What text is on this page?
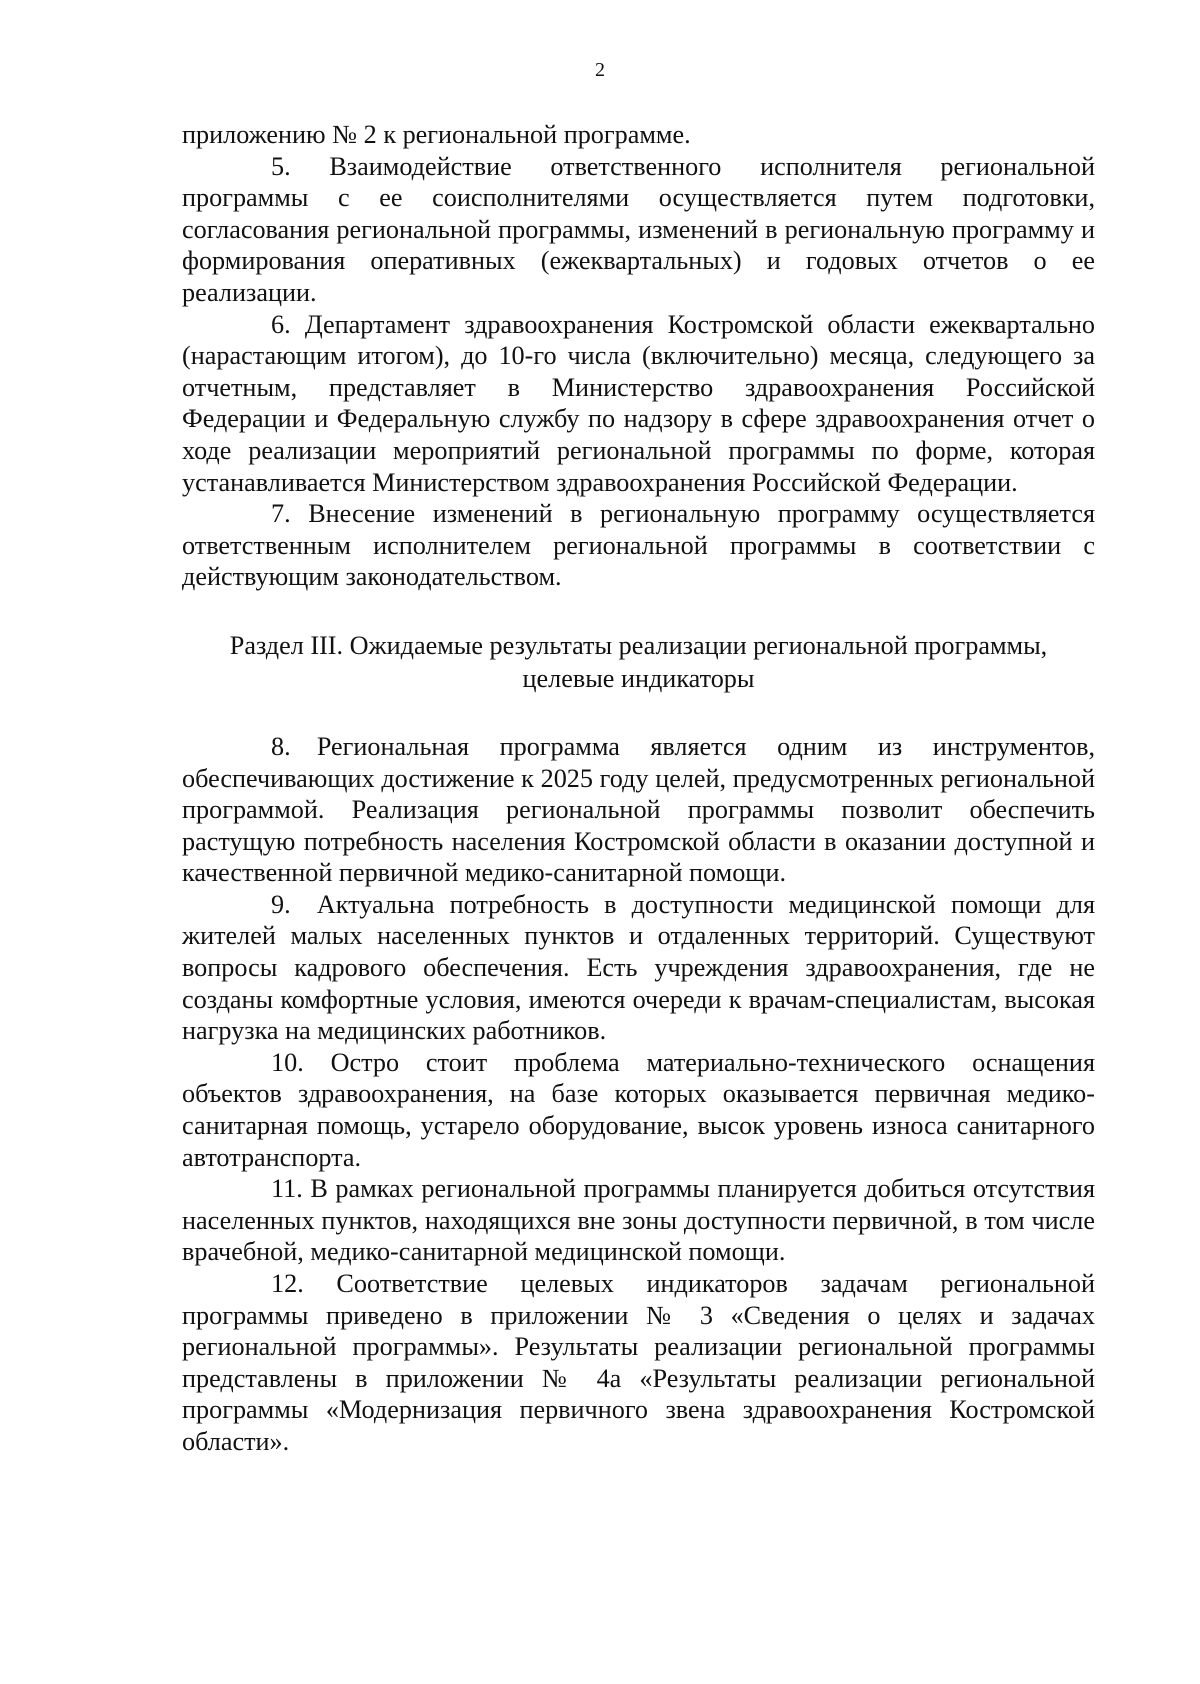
2

приложению № 2 к региональной программе.

5. Взаимодействие ответственного исполнителя региональной программы с ее соисполнителями осуществляется путем подготовки, согласования региональной программы, изменений в региональную программу и формирования оперативных (ежеквартальных) и годовых отчетов о ее реализации.

6. Департамент здравоохранения Костромской области ежеквартально (нарастающим итогом), до 10-го числа (включительно) месяца, следующего за отчетным, представляет в Министерство здравоохранения Российской Федерации и Федеральную службу по надзору в сфере здравоохранения отчет о ходе реализации мероприятий региональной программы по форме, которая устанавливается Министерством здравоохранения Российской Федерации.

7. Внесение изменений в региональную программу осуществляется ответственным исполнителем региональной программы в соответствии с действующим законодательством.

Раздел III. Ожидаемые результаты реализации региональной программы,
целевые индикаторы

8. Региональная программа является одним из инструментов, обеспечивающих достижение к 2025 году целей, предусмотренных региональной программой. Реализация региональной программы позволит обеспечить растущую потребность населения Костромской области в оказании доступной и качественной первичной медико-санитарной помощи.

9. Актуальна потребность в доступности медицинской помощи для жителей малых населенных пунктов и отдаленных территорий. Существуют вопросы кадрового обеспечения. Есть учреждения здравоохранения, где не созданы комфортные условия, имеются очереди к врачам-специалистам, высокая нагрузка на медицинских работников.

10. Остро стоит проблема материально-технического оснащения объектов здравоохранения, на базе которых оказывается первичная медико-санитарная помощь, устарело оборудование, высок уровень износа санитарного автотранспорта.

11. В рамках региональной программы планируется добиться отсутствия населенных пунктов, находящихся вне зоны доступности первичной, в том числе врачебной, медико-санитарной медицинской помощи.

12. Соответствие целевых индикаторов задачам региональной программы приведено в приложении № 3 «Сведения о целях и задачах региональной программы». Результаты реализации региональной программы представлены в приложении № 4а «Результаты реализации региональной программы «Модернизация первичного звена здравоохранения Костромской области».
